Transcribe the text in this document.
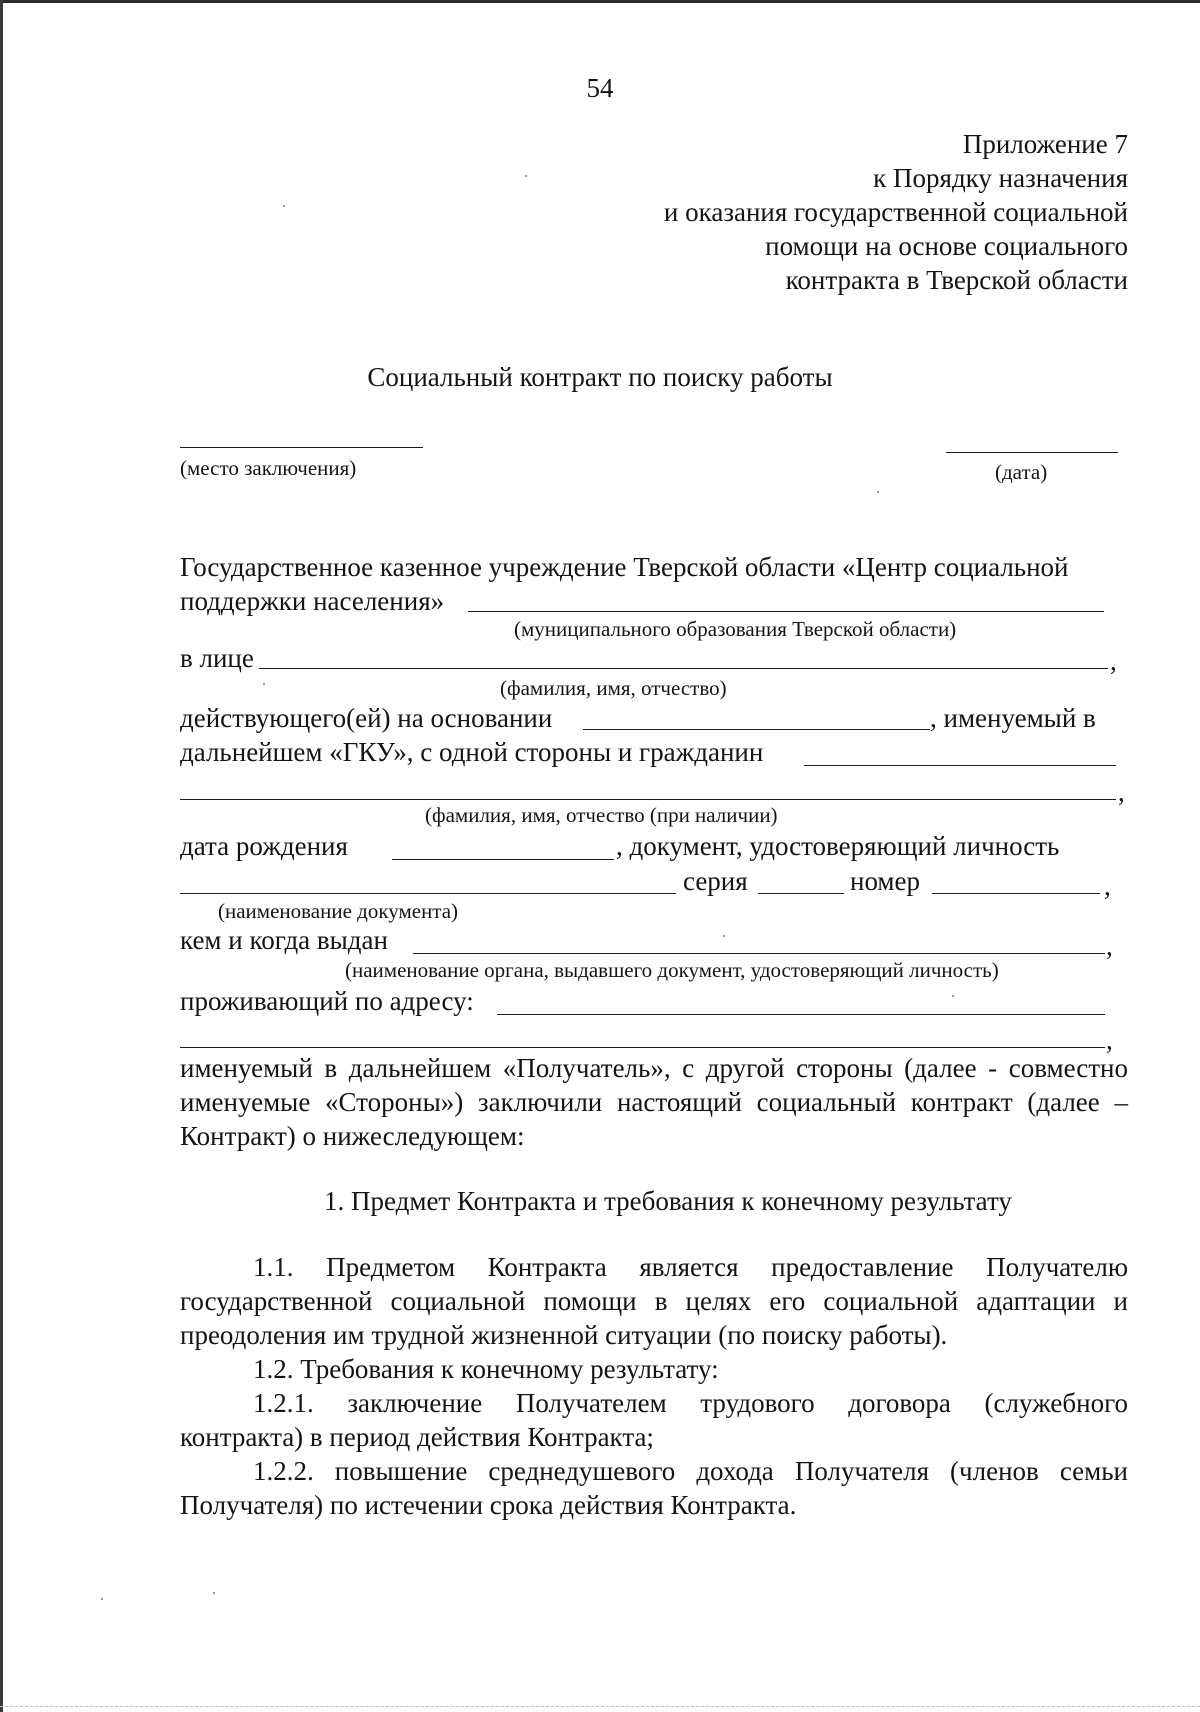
54
Приложение 7
к Порядку назначения
и оказания государственной социальной
помощи на основе социального
контракта в Тверской области
Социальный контракт по поиску работы
(место заключения)	(дата)
Государственное казенное учреждение Тверской области «Центр социальной
поддержки населения»
(муниципального образования Тверской области)
в лице	,
(фамилия, имя, отчество)
действующего(ей) на основании	, именуемый в
дальнейшем «ГКУ», с одной стороны и гражданин
,
(фамилия, имя, отчество (при наличии)
дата рождения	, документ, удостоверяющий личность
серия	номер	,
(наименование документа)
кем и когда выдан	,
(наименование органа, выдавшего документ, удостоверяющий личность)
проживающий по адресу:
,
именуемый в дальнейшем «Получатель», с другой стороны (далее - совместно
именуемые «Стороны») заключили настоящий социальный контракт (далее –
Контракт) о нижеследующем:
1. Предмет Контракта и требования к конечному результату
1.1. Предметом Контракта является предоставление Получателю
государственной социальной помощи в целях его социальной адаптации и
преодоления им трудной жизненной ситуации (по поиску работы).
1.2. Требования к конечному результату:
1.2.1. заключение Получателем трудового договора (служебного
контракта) в период действия Контракта;
1.2.2. повышение среднедушевого дохода Получателя (членов семьи
Получателя) по истечении срока действия Контракта.
